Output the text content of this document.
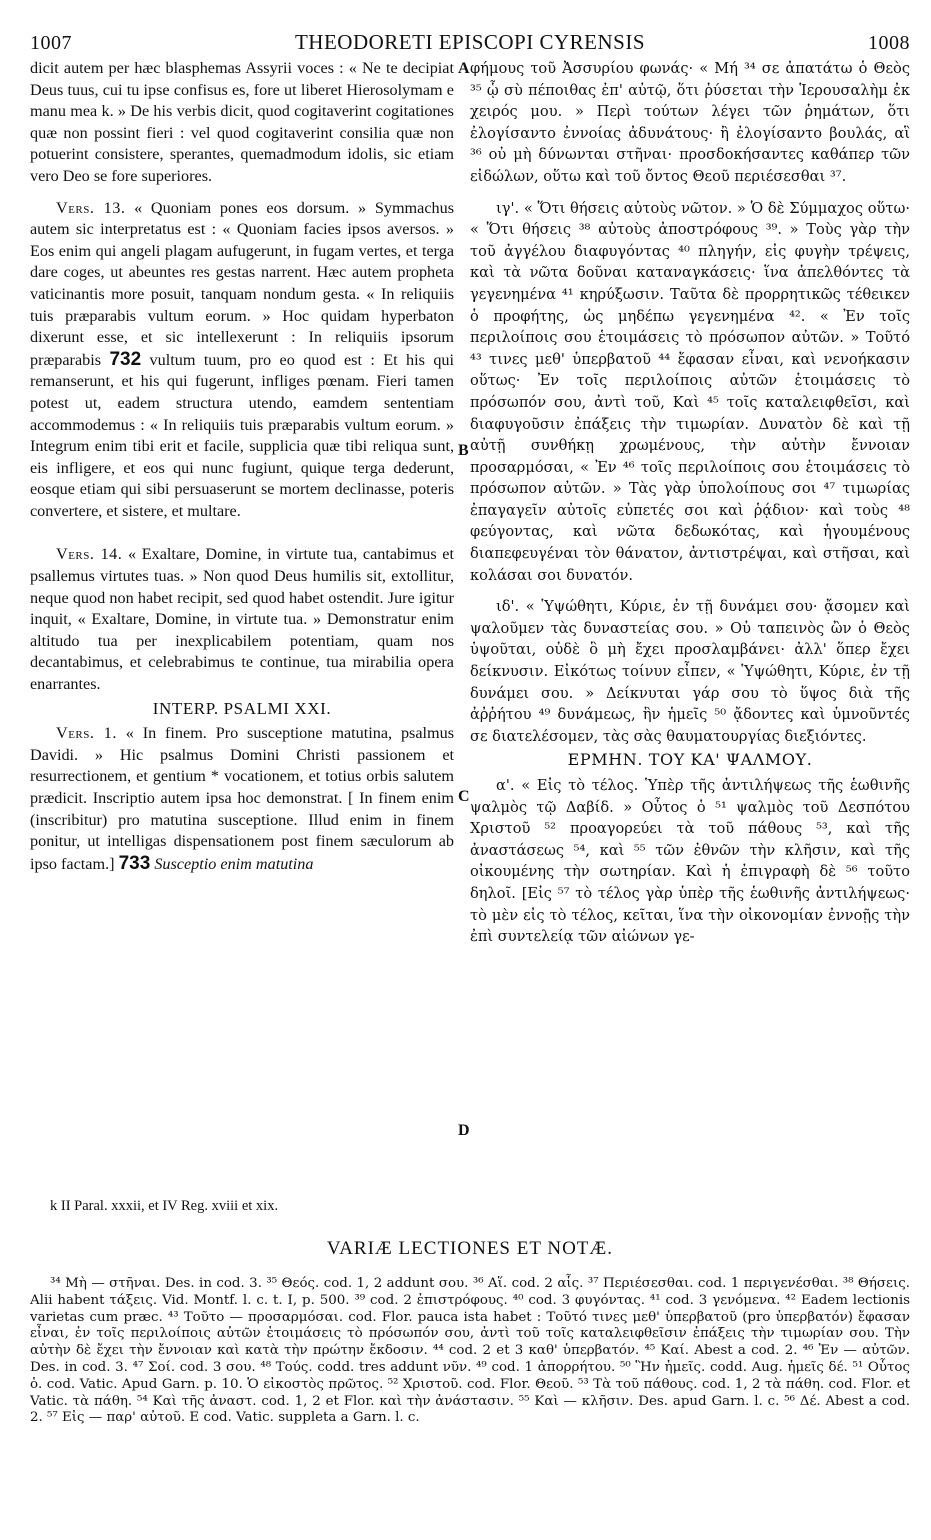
1007	THEODORETI EPISCOPI CYRENSIS	1008

dicit autem per hæc blasphemas Assyrii voces : « Ne te decipiat Deus tuus, cui tu ipse confisus es, fore ut liberet Hierosolymam e manu mea k. » De his verbis dicit, quod cogitaverint cogitationes quæ non possint fieri : vel quod cogitaverint consilia quæ non potuerint consistere, sperantes, quemadmodum idolis, sic etiam vero Deo se fore superiores.

Vers. 13. « Quoniam pones eos dorsum. » Symmachus autem sic interpretatus est : « Quoniam facies ipsos aversos. » Eos enim qui angeli plagam aufugerunt, in fugam vertes, et terga dare coges, ut abeuntes res gestas narrent. Hæc autem propheta vaticinantis more posuit, tanquam nondum gesta. « In reliquiis tuis præparabis vultum eorum. » Hoc quidam hyperbaton dixerunt esse, et sic intellexerunt : In reliquiis ipsorum præparabis 732 vultum tuum, pro eo quod est : Et his qui remanserunt, et his qui fugerunt, infliges pœnam. Fieri tamen potest ut, eadem structura utendo, eamdem sententiam accommodemus : « In reliquiis tuis præparabis vultum eorum. » Integrum enim tibi erit et facile, supplicia quæ tibi reliqua sunt, eis infligere, et eos qui nunc fugiunt, quique terga dederunt, eosque etiam qui sibi persuaserunt se mortem declinasse, poteris convertere, et sistere, et multare.

Vers. 14. « Exaltare, Domine, in virtute tua, cantabimus et psallemus virtutes tuas. » Non quod Deus humilis sit, extollitur, neque quod non habet recipit, sed quod habet ostendit. Jure igitur inquit, « Exaltare, Domine, in virtute tua. » Demonstratur enim altitudo tua per inexplicabilem potentiam, quam nos decantabimus, et celebrabimus te continue, tua mirabilia opera enarrantes.

INTERP. PSALMI XXI.

Vers. 1. « In finem. Pro susceptione matutina, psalmus Davidi. » Hic psalmus Domini Christi passionem et resurrectionem, et gentium * vocationem, et totius orbis salutem prædicit. Inscriptio autem ipsa hoc demonstrat. [ In finem enim (inscribitur) pro matutina susceptione. Illud enim in finem ponitur, ut intelligas dispensationem post finem sæculorum ab ipso factam.] 733 Susceptio enim matutina

A
B
C
D

φήμους τοῦ Ἀσσυρίου φωνάς· « Μή ³⁴ σε ἀπατάτω ὁ Θεὸς ³⁵ ᾧ σὺ πέποιθας ἐπ' αὐτῷ, ὅτι ῥύσεται τὴν Ἱερουσαλὴμ ἐκ χειρός μου. » Περὶ τούτων λέγει τῶν ῥημάτων, ὅτι ἐλογίσαντο ἐννοίας ἀδυνάτους· ἢ ἐλογίσαντο βουλάς, αἳ ³⁶ οὐ μὴ δύνωνται στῆναι· προσδοκήσαντες καθάπερ τῶν εἰδώλων, οὕτω καὶ τοῦ ὄντος Θεοῦ περιέσεσθαι ³⁷.

ιγ'. « Ὅτι θήσεις αὐτοὺς νῶτον. » Ὁ δὲ Σύμμαχος οὕτω· « Ὅτι θήσεις ³⁸ αὐτοὺς ἀποστρόφους ³⁹. » Τοὺς γὰρ τὴν τοῦ ἀγγέλου διαφυγόντας ⁴⁰ πληγήν, εἰς φυγὴν τρέψεις, καὶ τὰ νῶτα δοῦναι καταναγκάσεις· ἵνα ἀπελθόντες τὰ γεγενημένα ⁴¹ κηρύξωσιν. Ταῦτα δὲ προρρητικῶς τέθεικεν ὁ προφήτης, ὡς μηδέπω γεγενημένα ⁴². « Ἐν τοῖς περιλοίποις σου ἑτοιμάσεις τὸ πρόσωπον αὐτῶν. » Τοῦτό ⁴³ τινες μεθ' ὑπερβατοῦ ⁴⁴ ἔφασαν εἶναι, καὶ νενοήκασιν οὕτως· Ἐν τοῖς περιλοίποις αὐτῶν ἑτοιμάσεις τὸ πρόσωπόν σου, ἀντὶ τοῦ, Καὶ ⁴⁵ τοῖς καταλειφθεῖσι, καὶ διαφυγοῦσιν ἐπάξεις τὴν τιμωρίαν. Δυνατὸν δὲ καὶ τῇ αὐτῇ συνθήκῃ χρωμένους, τὴν αὐτὴν ἔννοιαν προσαρμόσαι, « Ἐν ⁴⁶ τοῖς περιλοίποις σου ἑτοιμάσεις τὸ πρόσωπον αὐτῶν. » Τὰς γὰρ ὑπολοίπους σοι ⁴⁷ τιμωρίας ἐπαγαγεῖν αὐτοῖς εὐπετές σοι καὶ ῥᾴδιον· καὶ τοὺς ⁴⁸ φεύγοντας, καὶ νῶτα δεδωκότας, καὶ ἡγουμένους διαπεφευγέναι τὸν θάνατον, ἀντιστρέψαι, καὶ στῆσαι, καὶ κολάσαι σοι δυνατόν.

ιδ'. « Ὑψώθητι, Κύριε, ἐν τῇ δυνάμει σου· ᾄσομεν καὶ ψαλοῦμεν τὰς δυναστείας σου. » Οὐ ταπεινὸς ὢν ὁ Θεὸς ὑψοῦται, οὐδὲ ὃ μὴ ἔχει προσλαμβάνει· ἀλλ' ὅπερ ἔχει δείκνυσιν. Εἰκότως τοίνυν εἶπεν, « Ὑψώθητι, Κύριε, ἐν τῇ δυνάμει σου. » Δείκνυται γάρ σου τὸ ὕψος διὰ τῆς ἀῤῥήτου ⁴⁹ δυνάμεως, ἣν ἡμεῖς ⁵⁰ ᾄδοντες καὶ ὑμνοῦντές σε διατελέσομεν, τὰς σὰς θαυματουργίας διεξιόντες.

ΕΡΜΗΝ. ΤΟΥ ΚΑ' ΨΑΛΜΟΥ.

α'. « Εἰς τὸ τέλος. Ὑπὲρ τῆς ἀντιλήψεως τῆς ἑωθινῆς ψαλμὸς τῷ Δαβίδ. » Οὗτος ὁ ⁵¹ ψαλμὸς τοῦ Δεσπότου Χριστοῦ ⁵² προαγορεύει τὰ τοῦ πάθους ⁵³, καὶ τῆς ἀναστάσεως ⁵⁴, καὶ ⁵⁵ τῶν ἐθνῶν τὴν κλῆσιν, καὶ τῆς οἰκουμένης τὴν σωτηρίαν. Καὶ ἡ ἐπιγραφὴ δὲ ⁵⁶ τοῦτο δηλοῖ. [Εἰς ⁵⁷ τὸ τέλος γὰρ ὑπὲρ τῆς ἑωθινῆς ἀντιλήψεως· τὸ μὲν εἰς τὸ τέλος, κεῖται, ἵνα τὴν οἰκονομίαν ἐννοῇς τὴν ἐπὶ συντελείᾳ τῶν αἰώνων γε-

k II Paral. xxxii, et IV Reg. xviii et xix.
VARIÆ LECTIONES ET NOTÆ.

³⁴ Μὴ — στῆναι. Des. in cod. 3. ³⁵ Θεός. cod. 1, 2 addunt σου. ³⁶ Αἵ. cod. 2 αἷς. ³⁷ Περιέσεσθαι. cod. 1 περιγενέσθαι. ³⁸ Θήσεις. Alii habent τάξεις. Vid. Montf. l. c. t. I, p. 500. ³⁹ cod. 2 ἐπιστρόφους. ⁴⁰ cod. 3 φυγόντας. ⁴¹ cod. 3 γενόμενα. ⁴² Eadem lectionis varietas cum præc. ⁴³ Τοῦτο — προσαρμόσαι. cod. Flor. pauca ista habet : Τοῦτό τινες μεθ' ὑπερβατοῦ (pro ὑπερβατόν) ἔφασαν εἶναι, ἐν τοῖς περιλοίποις αὐτῶν ἑτοιμάσεις τὸ πρόσωπόν σου, ἀντὶ τοῦ τοῖς καταλειφθεῖσιν ἐπάξεις τὴν τιμωρίαν σου. Τὴν αὐτὴν δὲ ἔχει τὴν ἔννοιαν καὶ κατὰ τὴν πρώτην ἔκδοσιν. ⁴⁴ cod. 2 et 3 καθ' ὑπερβατόν. ⁴⁵ Καί. Abest a cod. 2. ⁴⁶ Ἐν — αὐτῶν. Des. in cod. 3. ⁴⁷ Σοί. cod. 3 σου. ⁴⁸ Τούς. codd. tres addunt νῦν. ⁴⁹ cod. 1 ἀπορρήτου. ⁵⁰ Ἣν ἡμεῖς. codd. Aug. ἡμεῖς δέ. ⁵¹ Οὗτος ὁ. cod. Vatic. Apud Garn. p. 10. Ὁ εἰκοστὸς πρῶτος. ⁵² Χριστοῦ. cod. Flor. Θεοῦ. ⁵³ Τὰ τοῦ πάθους. cod. 1, 2 τὰ πάθη. cod. Flor. et Vatic. τὰ πάθη. ⁵⁴ Καὶ τῆς ἀναστ. cod. 1, 2 et Flor. καὶ τὴν ἀνάστασιν. ⁵⁵ Καὶ — κλῆσιν. Des. apud Garn. l. c. ⁵⁶ Δέ. Abest a cod. 2. ⁵⁷ Εἰς — παρ' αὐτοῦ. E cod. Vatic. suppleta a Garn. l. c.
